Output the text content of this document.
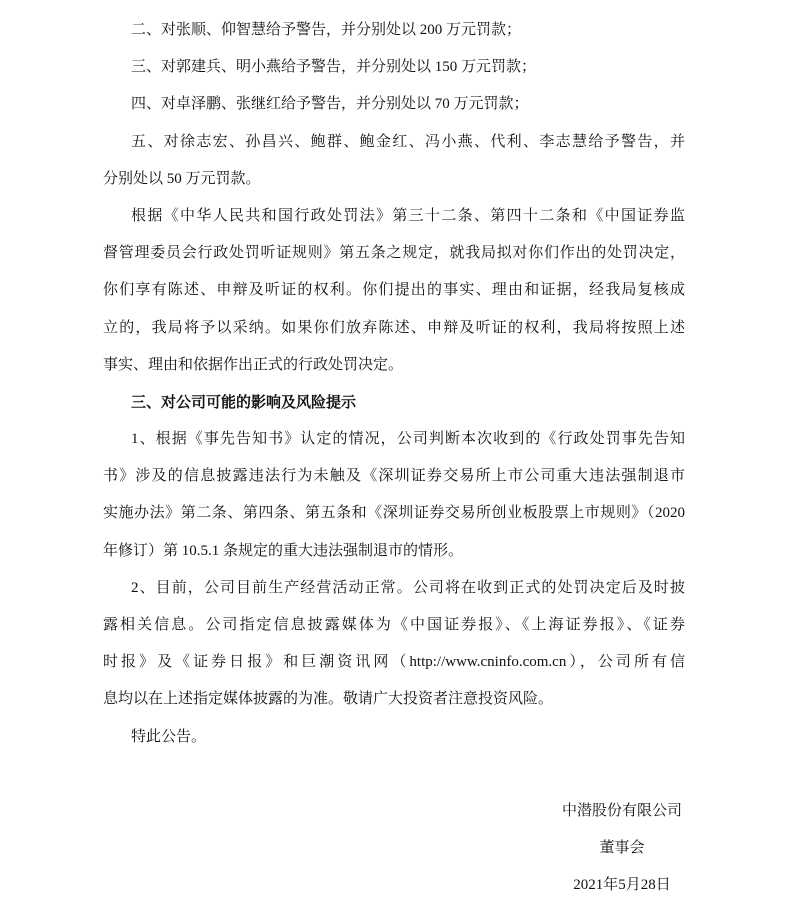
二、对张顺、仰智慧给予警告，并分别处以 200 万元罚款；
三、对郭建兵、明小燕给予警告，并分别处以 150 万元罚款；
四、对卓泽鹏、张继红给予警告，并分别处以 70 万元罚款；
五、对徐志宏、孙昌兴、鲍群、鲍金红、冯小燕、代利、李志慧给予警告，并
分别处以 50 万元罚款。
根据《中华人民共和国行政处罚法》第三十二条、第四十二条和《中国证券监
督管理委员会行政处罚听证规则》第五条之规定，就我局拟对你们作出的处罚决定，
你们享有陈述、申辩及听证的权利。你们提出的事实、理由和证据，经我局复核成
立的，我局将予以采纳。如果你们放弃陈述、申辩及听证的权利，我局将按照上述
事实、理由和依据作出正式的行政处罚决定。
三、对公司可能的影响及风险提示
1、根据《事先告知书》认定的情况，公司判断本次收到的《行政处罚事先告知
书》涉及的信息披露违法行为未触及《深圳证券交易所上市公司重大违法强制退市
实施办法》第二条、第四条、第五条和《深圳证券交易所创业板股票上市规则》（2020
年修订）第 10.5.1 条规定的重大违法强制退市的情形。
2、目前，公司目前生产经营活动正常。公司将在收到正式的处罚决定后及时披
露相关信息。公司指定信息披露媒体为《中国证券报》、《上海证券报》、《证券
时报》及《证券日报》和巨潮资讯网（http://www.cninfo.com.cn），公司所有信
息均以在上述指定媒体披露的为准。敬请广大投资者注意投资风险。
特此公告。
中潜股份有限公司
董事会
2021年5月28日
